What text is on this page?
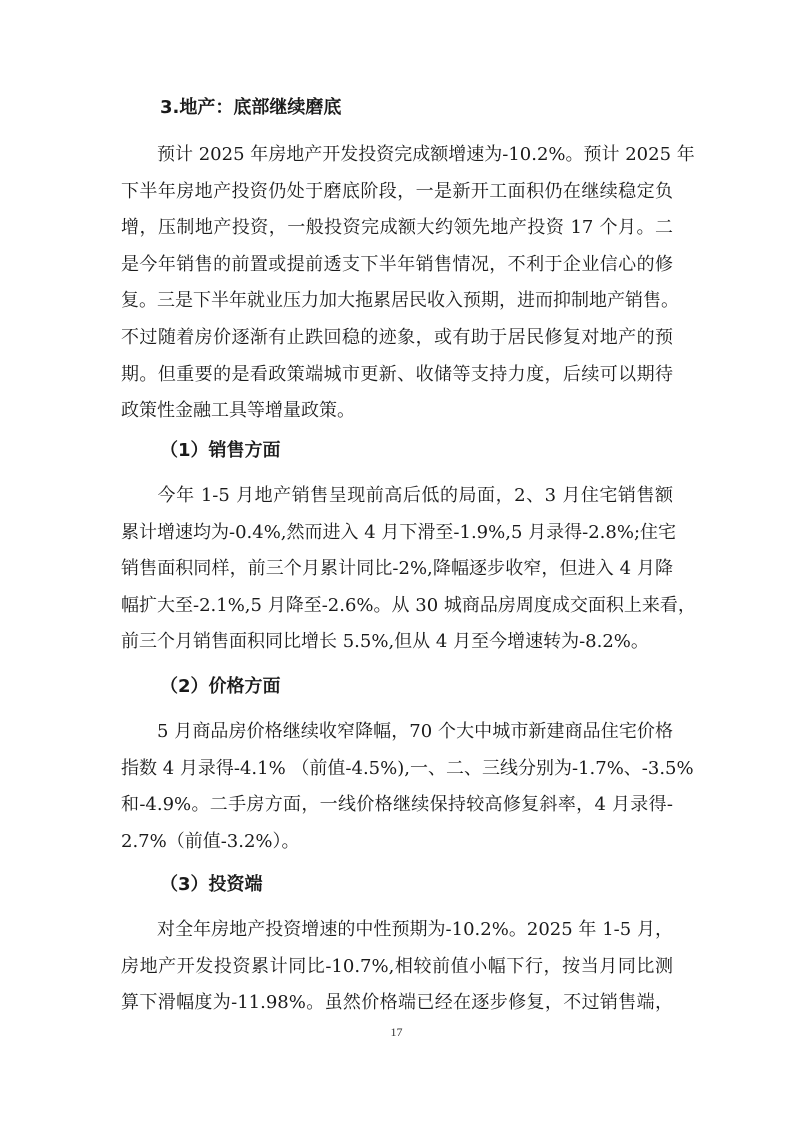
3.地产：底部继续磨底
预计 2025 年房地产开发投资完成额增速为-10.2%。预计 2025 年
下半年房地产投资仍处于磨底阶段，一是新开工面积仍在继续稳定负
增，压制地产投资，一般投资完成额大约领先地产投资 17 个月。二
是今年销售的前置或提前透支下半年销售情况，不利于企业信心的修
复。三是下半年就业压力加大拖累居民收入预期，进而抑制地产销售。
不过随着房价逐渐有止跌回稳的迹象，或有助于居民修复对地产的预
期。但重要的是看政策端城市更新、收储等支持力度，后续可以期待
政策性金融工具等增量政策。
（1）销售方面
今年 1-5 月地产销售呈现前高后低的局面，2、3 月住宅销售额
累计增速均为-0.4%,然而进入 4 月下滑至-1.9%,5 月录得-2.8%;住宅
销售面积同样，前三个月累计同比-2%,降幅逐步收窄，但进入 4 月降
幅扩大至-2.1%,5 月降至-2.6%。从 30 城商品房周度成交面积上来看，
前三个月销售面积同比增长 5.5%,但从 4 月至今增速转为-8.2%。
（2）价格方面
5 月商品房价格继续收窄降幅，70 个大中城市新建商品住宅价格
指数 4 月录得-4.1% （前值-4.5%),一、二、三线分别为-1.7%、-3.5%
和-4.9%。二手房方面，一线价格继续保持较高修复斜率，4 月录得-
2.7%（前值-3.2%）。
（3）投资端
对全年房地产投资增速的中性预期为-10.2%。2025 年 1-5 月，
房地产开发投资累计同比-10.7%,相较前值小幅下行，按当月同比测
算下滑幅度为-11.98%。虽然价格端已经在逐步修复，不过销售端，
17
